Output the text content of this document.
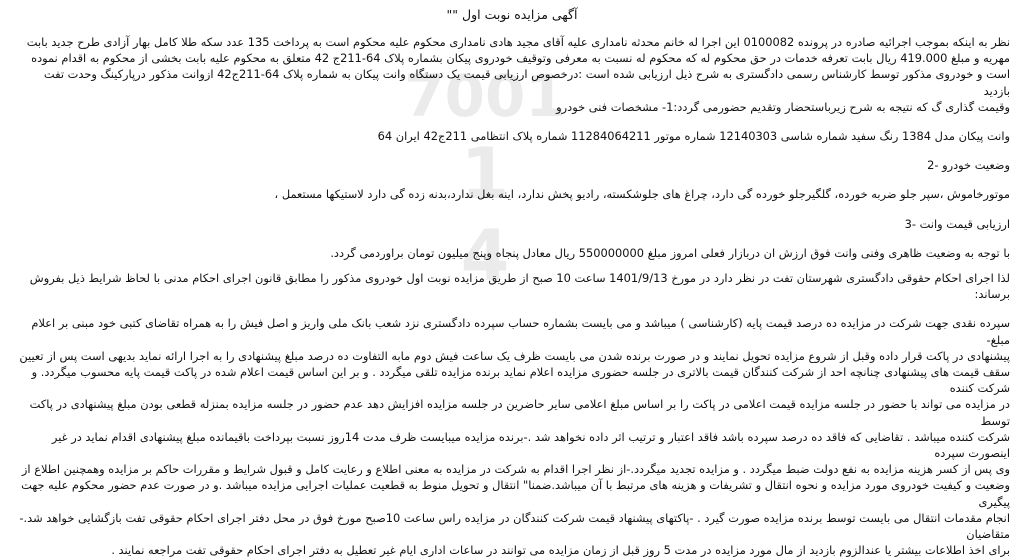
7001
1
4
آگهی مزایده نوبت اول ""
نظر به اینکه بموجب اجرائیه صادره در پرونده 0100082 این اجرا له خانم محدثه نامداری علیه آقای مجید هادی نامداری محکوم علیه محکوم است به پرداخت 135 عدد سکه طلا کامل بهار آزادی طرح جدید بابت
مهریه و مبلغ 419.000 ریال بابت تعرفه خدمات در حق محکوم له که محکوم له نسبت به معرفی وتوقیف خودروی پیکان بشماره پلاک 64-211ج 42 متعلق به محکوم علیه بابت بخشی از محکوم به اقدام نموده
است و خودروی مذکور توسط کارشناس رسمی دادگستری به شرح ذیل ارزیابی شده است :درخصوص ارزیابی قیمت یک دستگاه وانت پیکان به شماره پلاک 64-211ج42 ازوانت مذکور درپارکینگ وحدت تفت بازدید
وقیمت گذاری گ که نتیجه به شرح زیرباستحضار وتقدیم حضورمی گردد:1- مشخصات فنی خودرو
وانت پیکان مدل 1384 رنگ سفید شماره شاسی 12140303 شماره موتور 11284064211 شماره پلاک انتظامی 211ج42 ایران 64
وضعیت خودرو -2
موتورخاموش ،سپر جلو ضربه خورده، گلگیرجلو خورده گی دارد، چراغ های جلوشکسته، رادیو پخش ندارد، اینه بغل ندارد،بدنه زده گی دارد لاستیکها مستعمل ،
ارزیابی قیمت وانت -3
با توجه به وضعیت ظاهری وفنی وانت فوق ارزش ان دربازار فعلی امروز مبلغ 550000000 ریال معادل پنجاه وپنج میلیون تومان براوردمی گردد.
لذا اجرای احکام حقوقی دادگستری شهرستان تفت در نظر دارد در مورخ 1401/9/13 ساعت 10 صبح از طریق مزایده نوبت اول خودروی مذکور را مطابق قانون اجرای احکام مدنی با لحاظ شرایط ذیل بفروش برساند:
سپرده نقدی جهت شرکت در مزایده ده درصد قیمت پایه (کارشناسی ) میباشد و می بایست بشماره حساب سپرده دادگستری نزد شعب بانک ملی واریز و اصل فیش را به همراه تقاضای کتبی خود مبنی بر اعلام مبلغ-
پیشنهادی در پاکت قرار داده وقبل از شروع مزایده تحویل نمایند و در صورت برنده شدن می بایست ظرف یک ساعت فیش دوم مابه التفاوت ده درصد مبلغ پیشنهادی را به اجرا ارائه نماید بدیهی است پس از تعیین
سقف قیمت های پیشنهادی چنانچه احد از شرکت کنندگان قیمت بالاتری در جلسه حضوری مزایده اعلام نماید برنده مزایده تلقی میگردد . و بر این اساس قیمت اعلام شده در پاکت قیمت پایه محسوب میگردد. و شرکت کننده
در مزایده می تواند با حضور در جلسه مزایده قیمت اعلامی در پاکت را بر اساس مبلغ اعلامی سایر حاضرین در جلسه مزایده افزایش دهد عدم حضور در جلسه مزایده بمنزله قطعی بودن مبلغ پیشنهادی در پاکت توسط
شرکت کننده میباشد . تقاضایی که فاقد ده درصد سپرده باشد فاقد اعتبار و ترتیب اثر داده نخواهد شد .-برنده مزایده میبایست ظرف مدت 14روز نسبت بپرداخت باقیمانده مبلغ پیشنهادی اقدام نماید در غیر اینصورت سپرده
وی پس از کسر هزینه مزایده به نفع دولت ضبط میگردد . و مزایده تجدید میگردد.-از نظر اجرا اقدام به شرکت در مزایده به معنی اطلاع و رعایت کامل و قبول شرایط و مقررات حاکم بر مزایده وهمچنین اطلاع از
وضعیت و کیفیت خودروی مورد مزایده و نحوه انتقال و تشریفات و هزینه های مرتبط با آن میباشد.ضمنا" انتقال و تحویل منوط به قطعیت عملیات اجرایی مزایده میباشد .و در صورت عدم حضور محکوم علیه جهت پیگیری
انجام مقدمات انتقال می بایست توسط برنده مزایده صورت گیرد . -پاکتهای پیشنهاد قیمت شرکت کنندگان در مزایده راس ساعت 10صبح مورخ فوق در محل دفتر اجرای احکام حقوقی تفت بازگشایی خواهد شد.-متقاضیان
برای اخذ اطلاعات بیشتر یا عندالزوم بازدید از مال مورد مزایده در مدت 5 روز قبل از زمان مزایده می توانند در ساعات اداری ایام غیر تعطیل به دفتر اجرای احکام حقوقی تفت مراجعه نمایند .
